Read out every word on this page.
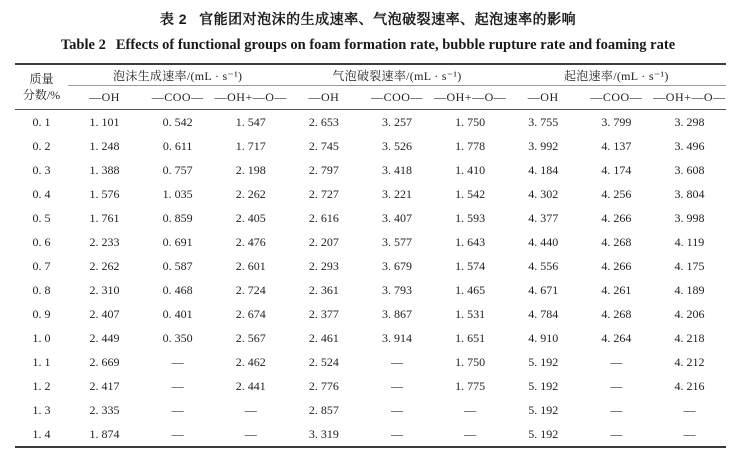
表 2 官能团对泡沫的生成速率、气泡破裂速率、起泡速率的影响
Table 2 Effects of functional groups on foam formation rate, bubble rupture rate and foaming rate
质量
分数/%	泡沫生成速率/(mL · s⁻¹)			气泡破裂速率/(mL · s⁻¹)			起泡速率/(mL · s⁻¹)		
	—OH	—COO—	—OH+—O—	—OH	—COO—	—OH+—O—	—OH	—COO—	—OH+—O—
0. 1	1. 101	0. 542	1. 547	2. 653	3. 257	1. 750	3. 755	3. 799	3. 298
0. 2	1. 248	0. 611	1. 717	2. 745	3. 526	1. 778	3. 992	4. 137	3. 496
0. 3	1. 388	0. 757	2. 198	2. 797	3. 418	1. 410	4. 184	4. 174	3. 608
0. 4	1. 576	1. 035	2. 262	2. 727	3. 221	1. 542	4. 302	4. 256	3. 804
0. 5	1. 761	0. 859	2. 405	2. 616	3. 407	1. 593	4. 377	4. 266	3. 998
0. 6	2. 233	0. 691	2. 476	2. 207	3. 577	1. 643	4. 440	4. 268	4. 119
0. 7	2. 262	0. 587	2. 601	2. 293	3. 679	1. 574	4. 556	4. 266	4. 175
0. 8	2. 310	0. 468	2. 724	2. 361	3. 793	1. 465	4. 671	4. 261	4. 189
0. 9	2. 407	0. 401	2. 674	2. 377	3. 867	1. 531	4. 784	4. 268	4. 206
1. 0	2. 449	0. 350	2. 567	2. 461	3. 914	1. 651	4. 910	4. 264	4. 218
1. 1	2. 669	—	2. 462	2. 524	—	1. 750	5. 192	—	4. 212
1. 2	2. 417	—	2. 441	2. 776	—	1. 775	5. 192	—	4. 216
1. 3	2. 335	—	—	2. 857	—	—	5. 192	—	—
1. 4	1. 874	—	—	3. 319	—	—	5. 192	—	—
